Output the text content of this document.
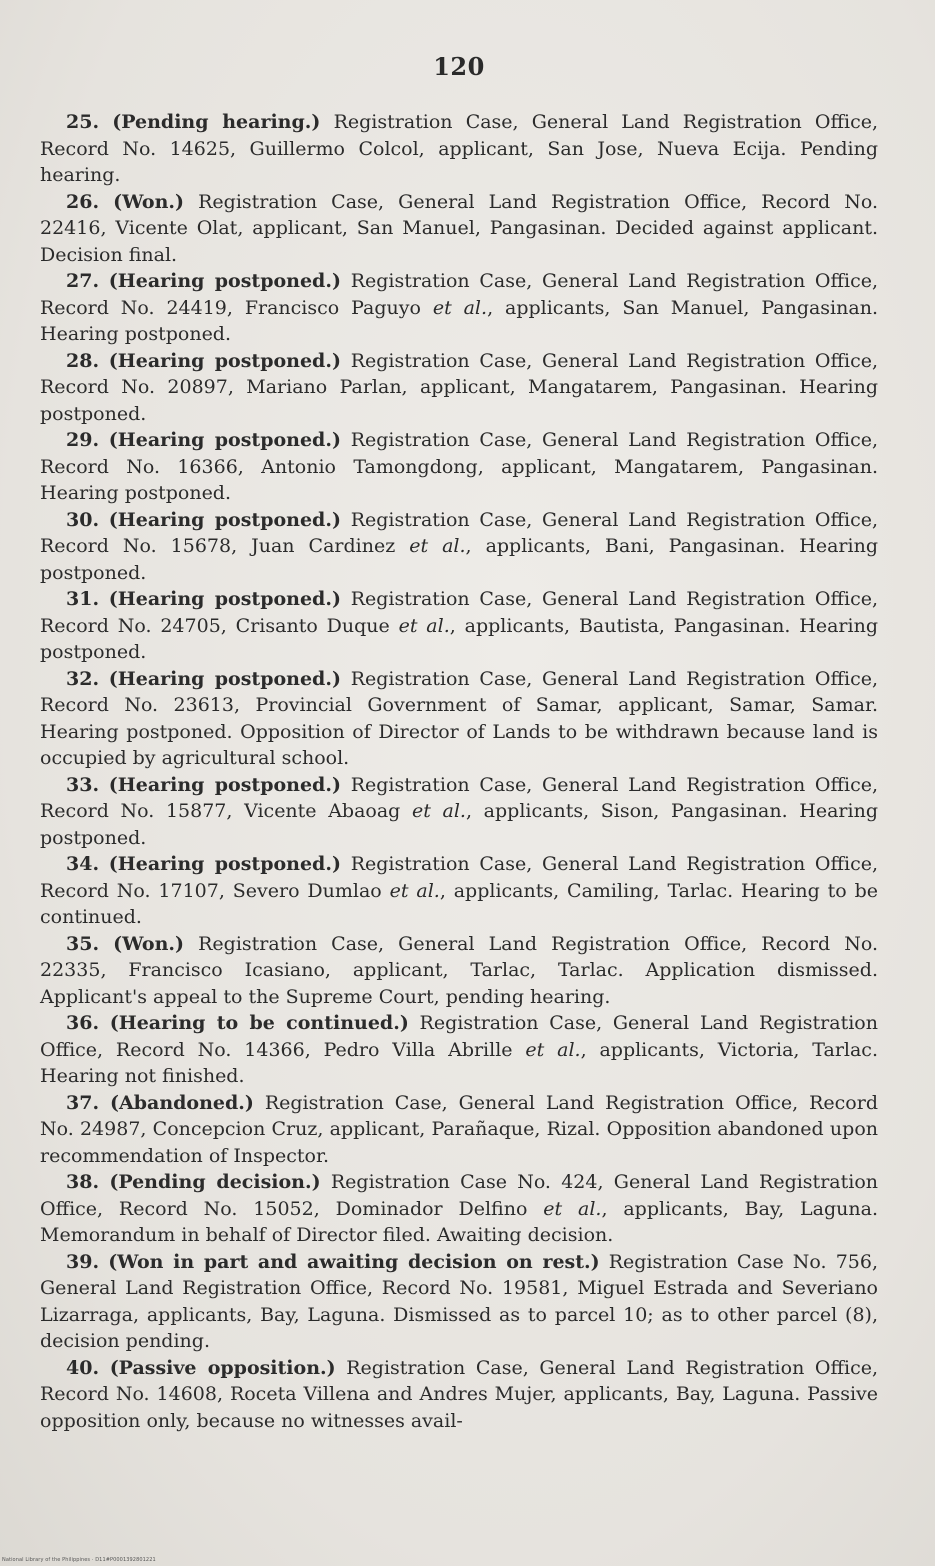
120

25. (Pending hearing.) Registration Case, General Land Registration Office, Record No. 14625, Guillermo Colcol, applicant, San Jose, Nueva Ecija. Pending hearing.

26. (Won.) Registration Case, General Land Registration Office, Record No. 22416, Vicente Olat, applicant, San Manuel, Pangasinan. Decided against applicant. Decision final.

27. (Hearing postponed.) Registration Case, General Land Registration Office, Record No. 24419, Francisco Paguyo et al., applicants, San Manuel, Pangasinan. Hearing postponed.

28. (Hearing postponed.) Registration Case, General Land Registration Office, Record No. 20897, Mariano Parlan, applicant, Mangatarem, Pangasinan. Hearing postponed.

29. (Hearing postponed.) Registration Case, General Land Registration Office, Record No. 16366, Antonio Tamongdong, applicant, Mangatarem, Pangasinan. Hearing postponed.

30. (Hearing postponed.) Registration Case, General Land Registration Office, Record No. 15678, Juan Cardinez et al., applicants, Bani, Pangasinan. Hearing postponed.

31. (Hearing postponed.) Registration Case, General Land Registration Office, Record No. 24705, Crisanto Duque et al., applicants, Bautista, Pangasinan. Hearing postponed.

32. (Hearing postponed.) Registration Case, General Land Registration Office, Record No. 23613, Provincial Government of Samar, applicant, Samar, Samar. Hearing postponed. Opposition of Director of Lands to be withdrawn because land is occupied by agricultural school.

33. (Hearing postponed.) Registration Case, General Land Registration Office, Record No. 15877, Vicente Abaoag et al., applicants, Sison, Pangasinan. Hearing postponed.

34. (Hearing postponed.) Registration Case, General Land Registration Office, Record No. 17107, Severo Dumlao et al., applicants, Camiling, Tarlac. Hearing to be continued.

35. (Won.) Registration Case, General Land Registration Office, Record No. 22335, Francisco Icasiano, applicant, Tarlac, Tarlac. Application dismissed. Applicant's appeal to the Supreme Court, pending hearing.

36. (Hearing to be continued.) Registration Case, General Land Registration Office, Record No. 14366, Pedro Villa Abrille et al., applicants, Victoria, Tarlac. Hearing not finished.

37. (Abandoned.) Registration Case, General Land Registration Office, Record No. 24987, Concepcion Cruz, applicant, Parañaque, Rizal. Opposition abandoned upon recommendation of Inspector.

38. (Pending decision.) Registration Case No. 424, General Land Registration Office, Record No. 15052, Dominador Delfino et al., applicants, Bay, Laguna. Memorandum in behalf of Director filed. Awaiting decision.

39. (Won in part and awaiting decision on rest.) Registration Case No. 756, General Land Registration Office, Record No. 19581, Miguel Estrada and Severiano Lizarraga, applicants, Bay, Laguna. Dismissed as to parcel 10; as to other parcel (8), decision pending.

40. (Passive opposition.) Registration Case, General Land Registration Office, Record No. 14608, Roceta Villena and Andres Mujer, applicants, Bay, Laguna. Passive opposition only, because no witnesses avail-

National Library of the Philippines · D11#P0001392801221
